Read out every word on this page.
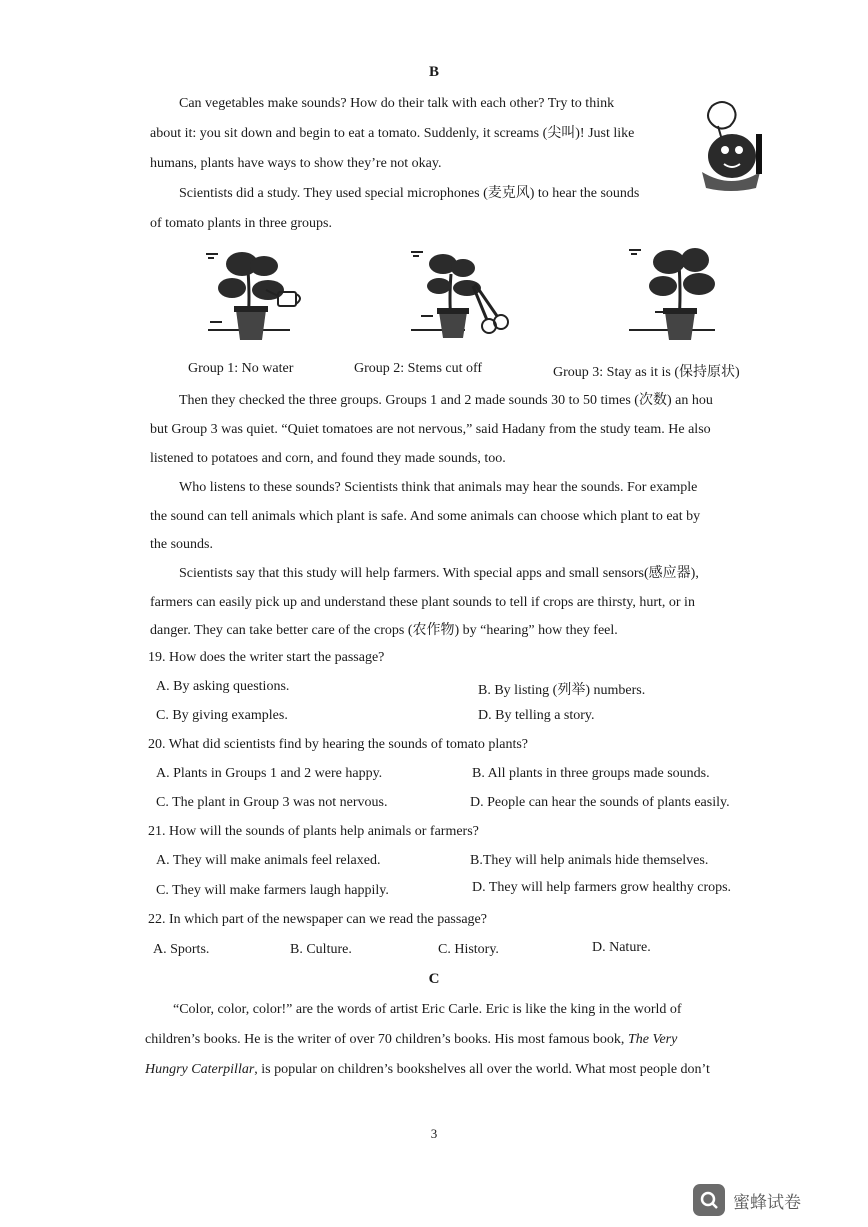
B
Can vegetables make sounds? How do their talk with each other? Try to think
about it: you sit down and begin to eat a tomato. Suddenly, it screams (尖叫)! Just like
humans, plants have ways to show they’re not okay.
Scientists did a study. They used special microphones (麦克风) to hear the sounds
of tomato plants in three groups.
Group 1: No water	Group 2: Stems cut off	Group 3: Stay as it is (保持原状)
Then they checked the three groups. Groups 1 and 2 made sounds 30 to 50 times (次数) an hou
but Group 3 was quiet. “Quiet tomatoes are not nervous,” said Hadany from the study team. He also
listened to potatoes and corn, and found they made sounds, too.
Who listens to these sounds? Scientists think that animals may hear the sounds. For example
the sound can tell animals which plant is safe. And some animals can choose which plant to eat by
the sounds.
Scientists say that this study will help farmers. With special apps and small sensors(感应器),
farmers can easily pick up and understand these plant sounds to tell if crops are thirsty, hurt, or in
danger. They can take better care of the crops (农作物) by “hearing” how they feel.
19. How does the writer start the passage?
A. By asking questions.	B. By listing (列举) numbers.
C. By giving examples.	D. By telling a story.
20. What did scientists find by hearing the sounds of tomato plants?
A. Plants in Groups 1 and 2 were happy.	B. All plants in three groups made sounds.
C. The plant in Group 3 was not nervous.	D. People can hear the sounds of plants easily.
21. How will the sounds of plants help animals or farmers?
A. They will make animals feel relaxed.	B.They will help animals hide themselves.
C. They will make farmers laugh happily.	D. They will help farmers grow healthy crops.
22. In which part of the newspaper can we read the passage?
A. Sports.	B. Culture.	C. History.	D. Nature.
C
“Color, color, color!” are the words of artist Eric Carle. Eric is like the king in the world of
children’s books. He is the writer of over 70 children’s books. His most famous book, The Very
Hungry Caterpillar, is popular on children’s bookshelves all over the world. What most people don’t
3
蜜蜂试卷
